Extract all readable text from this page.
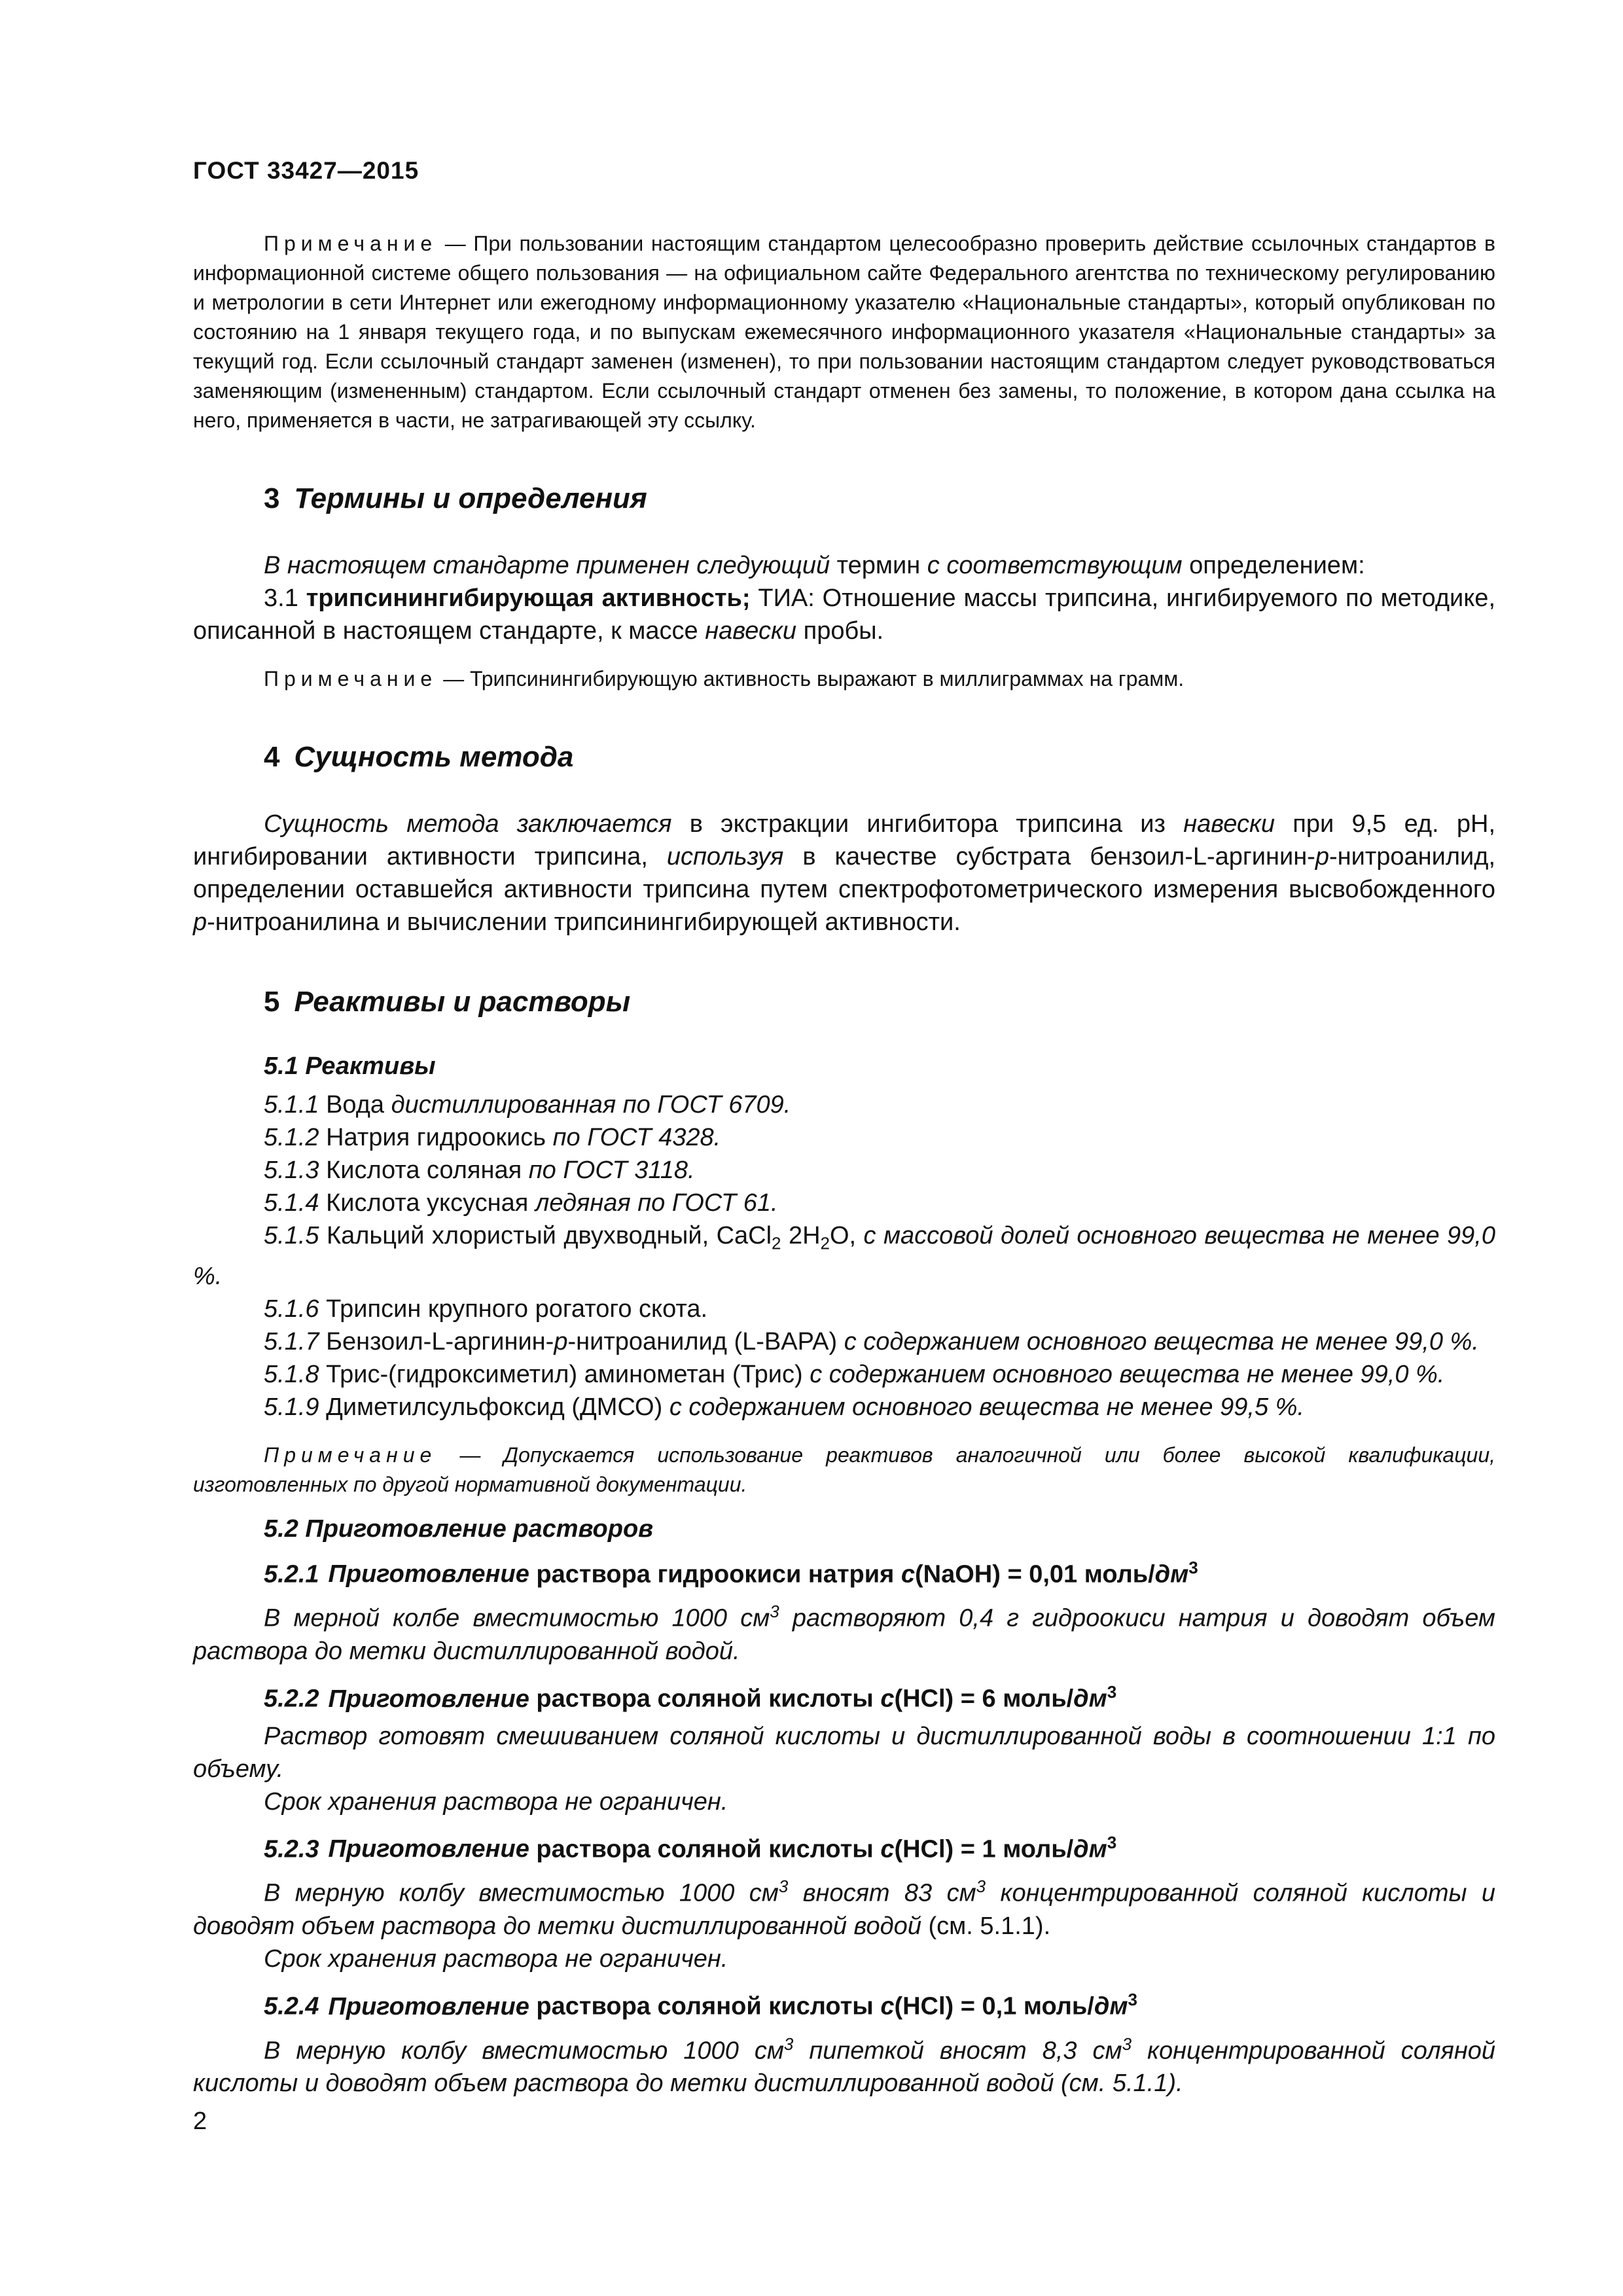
ГОСТ 33427—2015

Примечание — При пользовании настоящим стандартом целесообразно проверить действие ссылочных стандартов в информационной системе общего пользования — на официальном сайте Федерального агентства по техническому регулированию и метрологии в сети Интернет или ежегодному информационному указателю «Национальные стандарты», который опубликован по состоянию на 1 января текущего года, и по выпускам ежемесячного информационного указателя «Национальные стандарты» за текущий год. Если ссылочный стандарт заменен (изменен), то при пользовании настоящим стандартом следует руководствоваться заменяющим (измененным) стандартом. Если ссылочный стандарт отменен без замены, то положение, в котором дана ссылка на него, применяется в части, не затрагивающей эту ссылку.

3 Термины и определения

В настоящем стандарте применен следующий термин с соответствующим определением:

3.1 трипсинингибирующая активность; ТИА: Отношение массы трипсина, ингибируемого по методике, описанной в настоящем стандарте, к массе навески пробы.

Примечание — Трипсинингибирующую активность выражают в миллиграммах на грамм.

4 Сущность метода

Сущность метода заключается в экстракции ингибитора трипсина из навески при 9,5 ед. pH, ингибировании активности трипсина, используя в качестве субстрата бензоил-L-аргинин-p-нитроанилид, определении оставшейся активности трипсина путем спектрофотометрического измерения высвобожденного p-нитроанилина и вычислении трипсинингибирующей активности.

5 Реактивы и растворы
5.1 Реактивы

5.1.1 Вода дистиллированная по ГОСТ 6709.

5.1.2 Натрия гидроокись по ГОСТ 4328.

5.1.3 Кислота соляная по ГОСТ 3118.

5.1.4 Кислота уксусная ледяная по ГОСТ 61.

5.1.5 Кальций хлористый двухводный, CaCl$_2$ $2H_2O$, с массовой долей основного вещества не менее 99,0 %.

5.1.6 Трипсин крупного рогатого скота.

5.1.7 Бензоил-L-аргинин-p-нитроанилид (L-BAPA) с содержанием основного вещества не менее 99,0 %.

5.1.8 Трис-(гидроксиметил) аминометан (Трис) с содержанием основного вещества не менее 99,0 %.

5.1.9 Диметилсульфоксид (ДМСО) с содержанием основного вещества не менее 99,5 %.

Примечание — Допускается использование реактивов аналогичной или более высокой квалификации, изготовленных по другой нормативной документации.

5.2 Приготовление растворов
5.2.1 Приготовление раствора гидроокиси натрия c(NaOH) = 0,01 моль/$дм^3$

В мерной колбе вместимостью 1000 $см^3$ растворяют 0,4 г гидроокиси натрия и доводят объем раствора до метки дистиллированной водой.

5.2.2 Приготовление раствора соляной кислоты c(HCl) = 6 моль/$дм^3$

Раствор готовят смешиванием соляной кислоты и дистиллированной воды в соотношении 1:1 по объему.

Срок хранения раствора не ограничен.

5.2.3 Приготовление раствора соляной кислоты c(HCl) = 1 моль/$дм^3$

В мерную колбу вместимостью 1000 $см^3$ вносят 83 $см^3$ концентрированной соляной кислоты и доводят объем раствора до метки дистиллированной водой (см. 5.1.1).

Срок хранения раствора не ограничен.

5.2.4 Приготовление раствора соляной кислоты c(HCl) = 0,1 моль/$дм^3$

В мерную колбу вместимостью 1000 $см^3$ пипеткой вносят 8,3 $см^3$ концентрированной соляной кислоты и доводят объем раствора до метки дистиллированной водой (см. 5.1.1).

2
